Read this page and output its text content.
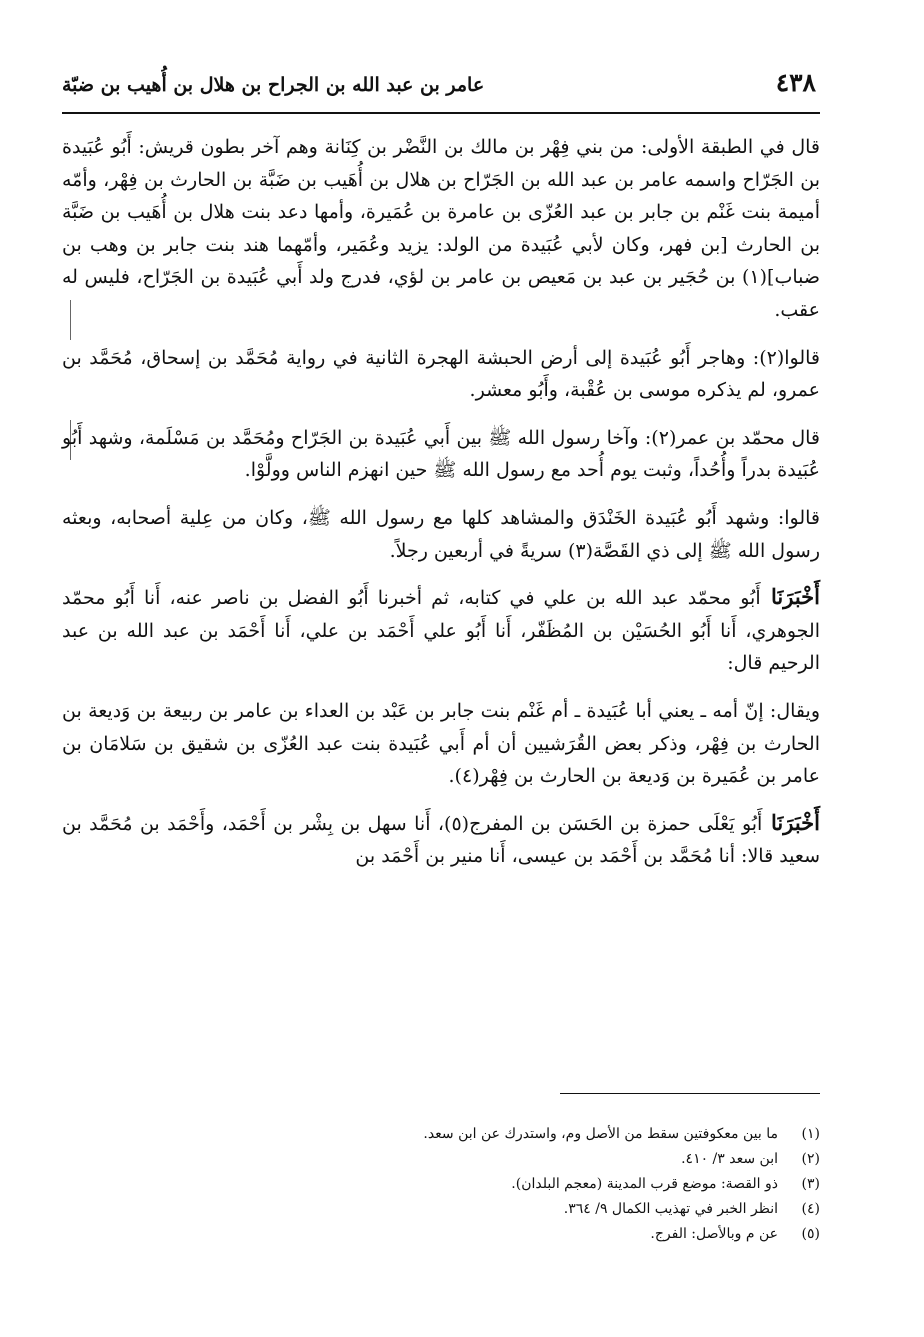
٤٣٨
عامر بن عبد الله بن الجراح بن هلال بن أُهيب بن ضبّة

قال في الطبقة الأولى: من بني فِهْر بن مالك بن النَّضْر بن كِنَانة وهم آخر بطون قريش: أَبُو عُبَيدة بن الجَرّاح واسمه عامر بن عبد الله بن الجَرّاح بن هلال بن أُهَيب بن ضَبَّة بن الحارث بن فِهْر، وأمّه أميمة بنت غَنْم بن جابر بن عبد العُزّى بن عامرة بن عُمَيرة، وأمها دعد بنت هلال بن أُهَيب بن ضَبَّة بن الحارث [بن فهر، وكان لأبي عُبَيدة من الولد: يزيد وعُمَير، وأمّهما هند بنت جابر بن وهب بن ضباب](١) بن حُجَير بن عبد بن مَعيص بن عامر بن لؤي، فدرج ولد أَبي عُبَيدة بن الجَرّاح، فليس له عقب.

قالوا(٢): وهاجر أَبُو عُبَيدة إلى أرض الحبشة الهجرة الثانية في رواية مُحَمَّد بن إسحاق، مُحَمَّد بن عمرو، لم يذكره موسى بن عُقْبة، وأَبُو معشر.

قال محمّد بن عمر(٢): وآخا رسول الله ﷺ بين أَبي عُبَيدة بن الجَرّاح ومُحَمَّد بن مَسْلَمة، وشهد أَبُو عُبَيدة بدراً وأُحُداً، وثبت يوم أُحد مع رسول الله ﷺ حين انهزم الناس وولَّوْا.

قالوا: وشهد أَبُو عُبَيدة الخَنْدَق والمشاهد كلها مع رسول الله ﷺ، وكان من عِلية أصحابه، وبعثه رسول الله ﷺ إلى ذي القَصَّة(٣) سريةً في أربعين رجلاً.

أَخْبَرَنَا أَبُو محمّد عبد الله بن علي في كتابه، ثم أخبرنا أَبُو الفضل بن ناصر عنه، أَنا أَبُو محمّد الجوهري، أَنا أَبُو الحُسَيْن بن المُظَفّر، أَنا أَبُو علي أَحْمَد بن علي، أَنا أَحْمَد بن عبد الله بن عبد الرحيم قال:

ويقال: إنّ أمه ـ يعني أبا عُبَيدة ـ أم غَنْم بنت جابر بن عَبْد بن العداء بن عامر بن ربيعة بن وَديعة بن الحارث بن فِهْر، وذكر بعض القُرَشيين أن أم أَبي عُبَيدة بنت عبد العُزّى بن شقيق بن سَلامَان بن عامر بن عُمَيرة بن وَديعة بن الحارث بن فِهْر(٤).

أَخْبَرَنَا أَبُو يَعْلَى حمزة بن الحَسَن بن المفرج(٥)، أَنا سهل بن بِشْر بن أَحْمَد، وأَحْمَد بن مُحَمَّد بن سعيد قالا: أنا مُحَمَّد بن أَحْمَد بن عيسى، أَنا منير بن أَحْمَد بن

(١)ما بين معكوفتين سقط من الأصل وم، واستدرك عن ابن سعد.
(٢)ابن سعد ٣/ ٤١٠.
(٣)ذو القصة: موضع قرب المدينة (معجم البلدان).
(٤)انظر الخبر في تهذيب الكمال ٩/ ٣٦٤.
(٥)عن م وبالأصل: الفرج.
